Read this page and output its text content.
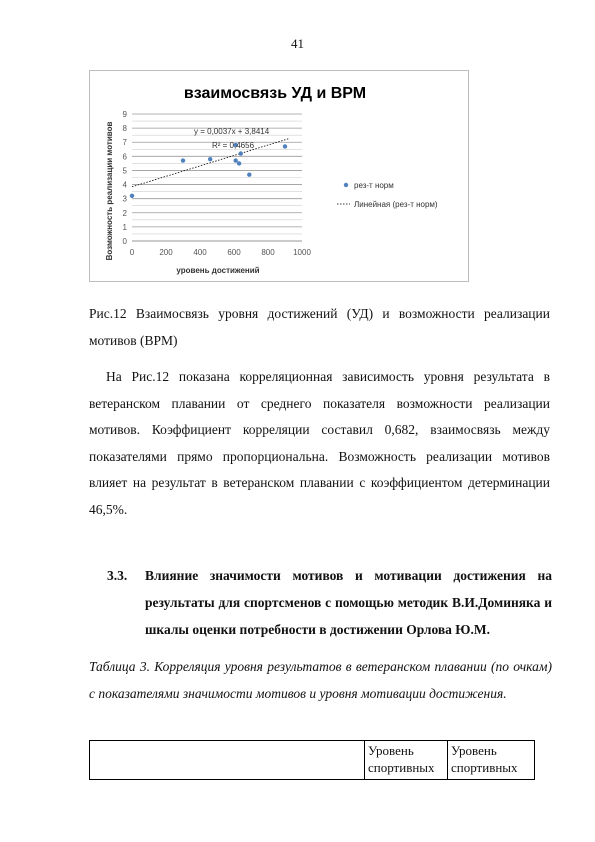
41
взаимосвязь УД и ВРМ
0
1
2
3
4
5
6
7
8
9
0	200	400	600	800 1000
y = 0,0037x + 3,8414
R² = 0,4656
уровень достижений
Возможность реализации мотивов	рез-т норм
Линейная (рез-т норм)
Рис.12 Взаимосвязь уровня достижений (УД) и возможности реализации мотивов (ВРМ)
На Рис.12 показана корреляционная зависимость уровня результата в ветеранском плавании от среднего показателя возможности реализации мотивов. Коэффициент корреляции составил 0,682, взаимосвязь между показателями прямо пропорциональна. Возможность реализации мотивов влияет на результат в ветеранском плавании с коэффициентом детерминации 46,5%.
3.3. Влияние значимости мотивов и мотивации достижения на результаты для спортсменов с помощью методик В.И.Доминяка и шкалы оценки потребности в достижении Орлова Ю.М.
Таблица 3. Корреляция уровня результатов в ветеранском плавании (по очкам) с показателями значимости мотивов и уровня мотивации достижения.
	Уровень спортивных	Уровень спортивных
